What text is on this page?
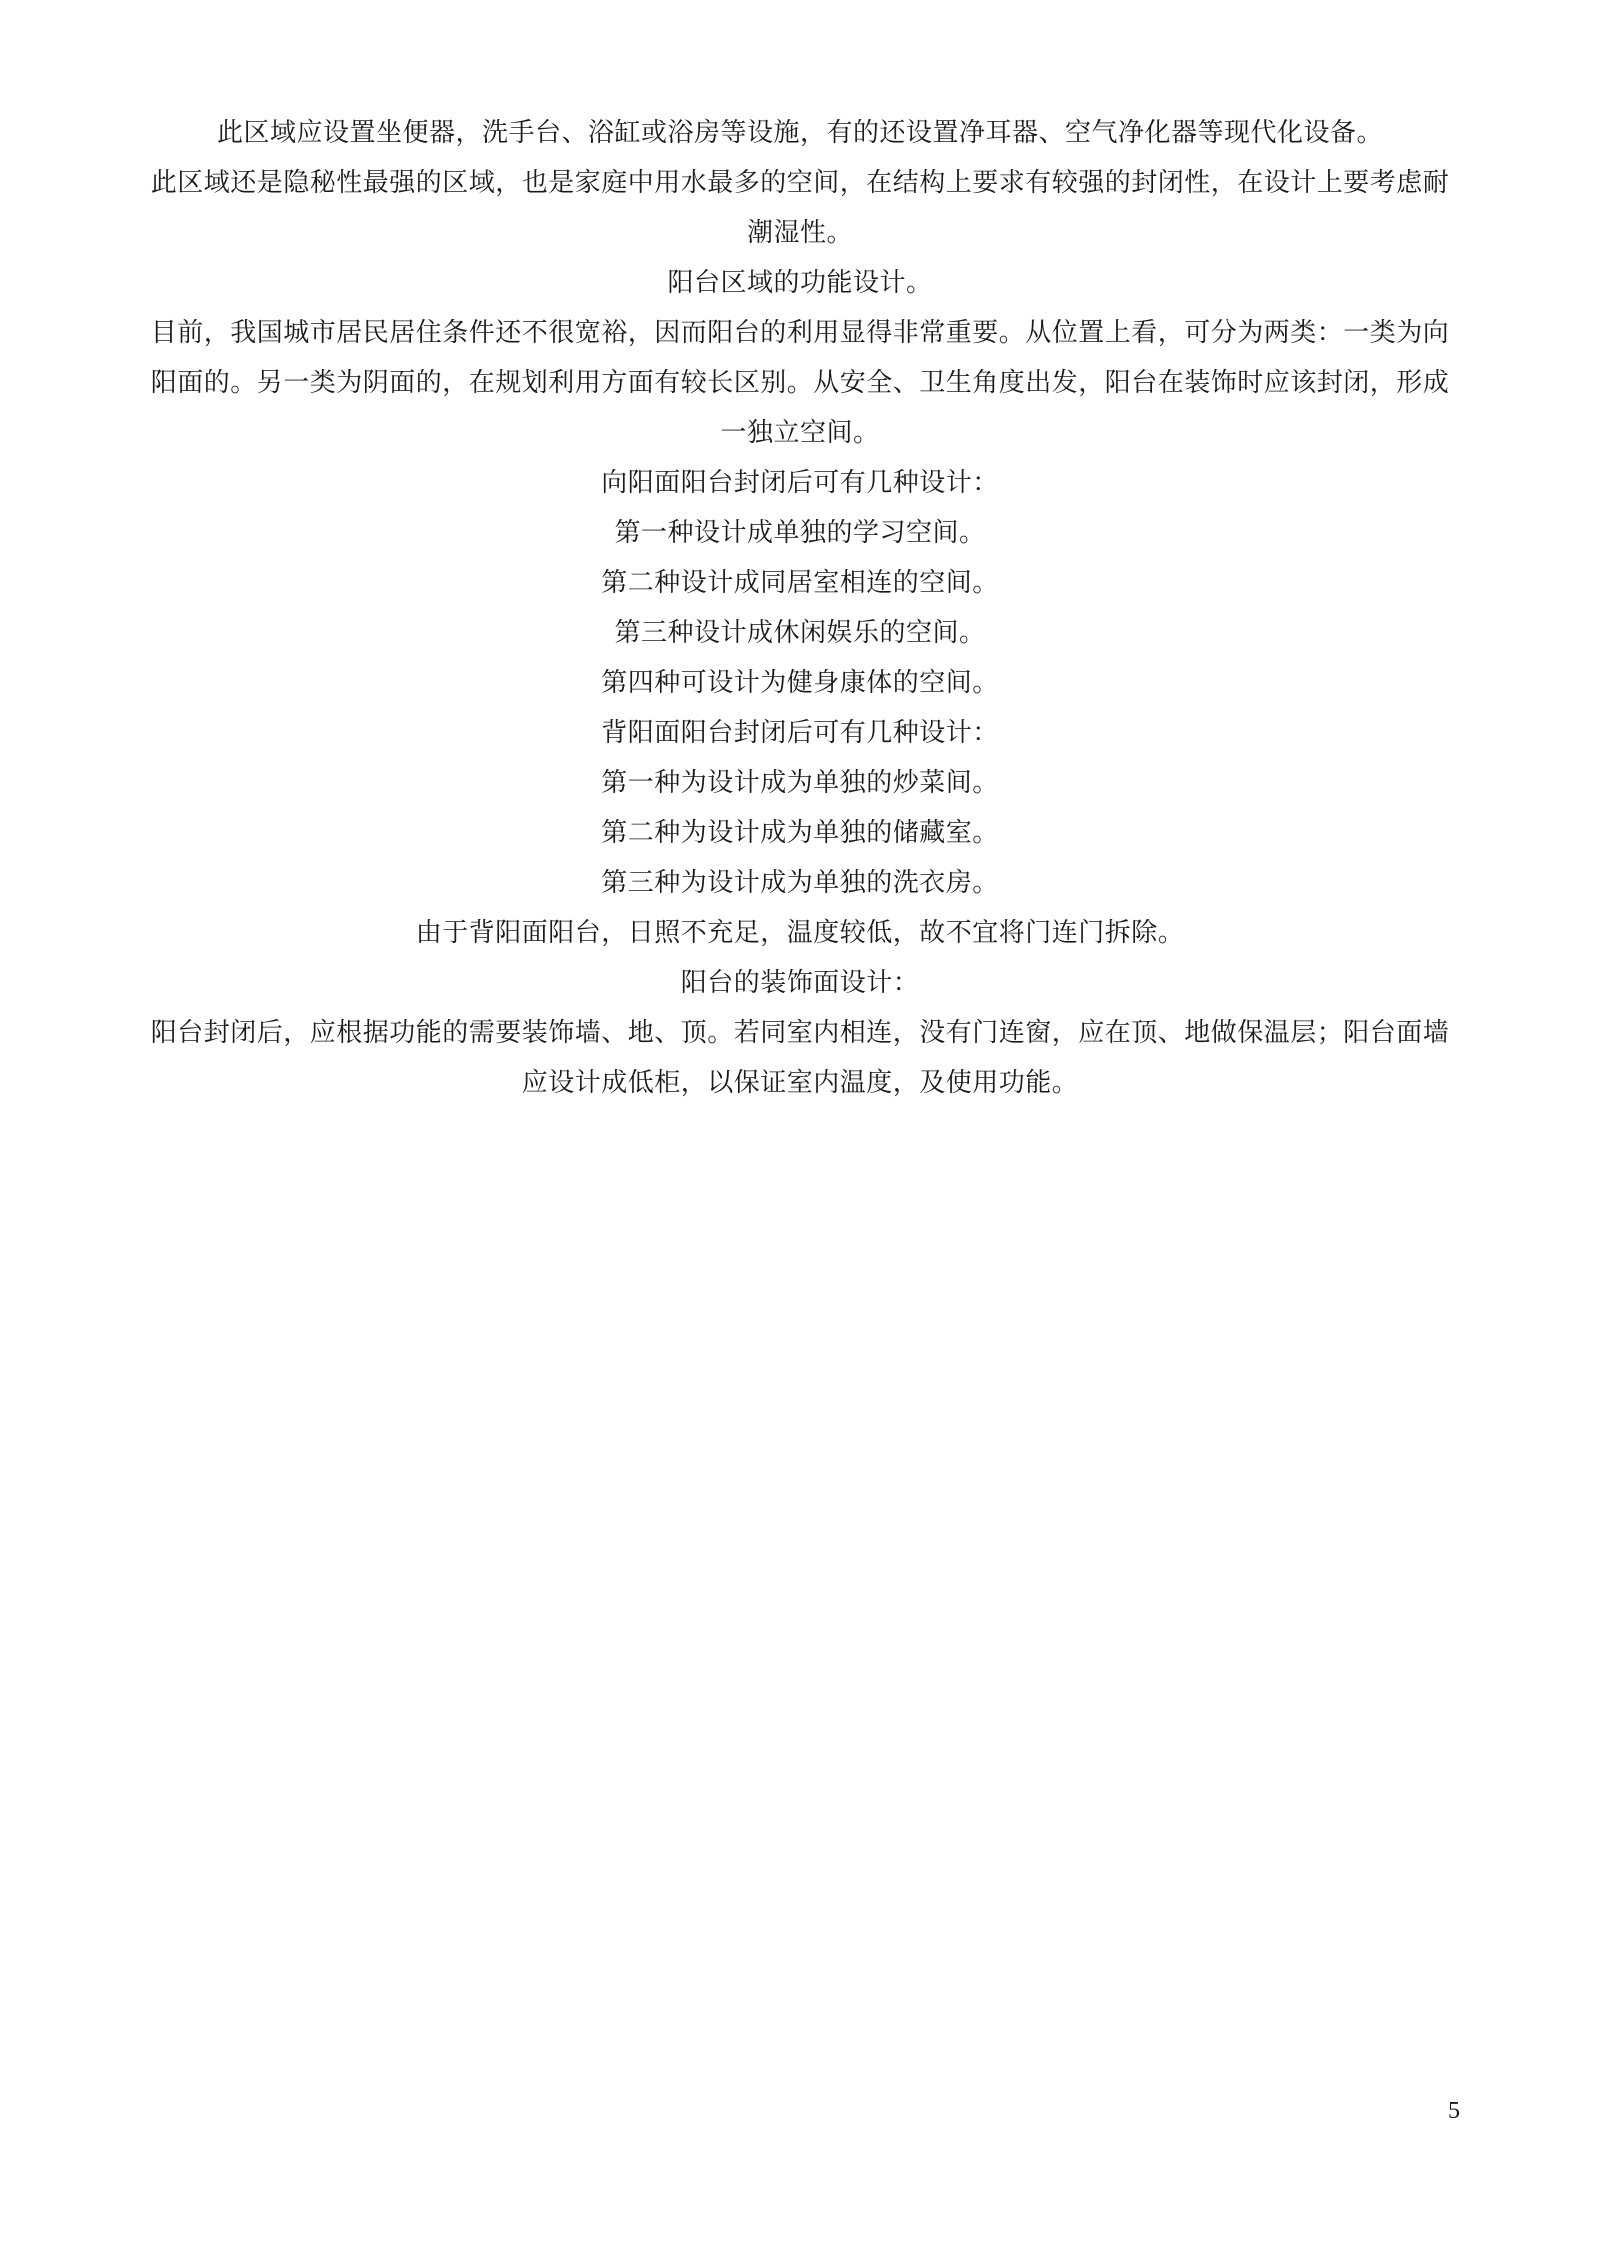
此区域应设置坐便器，洗手台、浴缸或浴房等设施，有的还设置净耳器、空气净化器等现代化设备。

此区域还是隐秘性最强的区域，也是家庭中用水最多的空间，在结构上要求有较强的封闭性，在设计上要考虑耐潮湿性。

阳台区域的功能设计。

目前，我国城市居民居住条件还不很宽裕，因而阳台的利用显得非常重要。从位置上看，可分为两类：一类为向阳面的。另一类为阴面的，在规划利用方面有较长区别。从安全、卫生角度出发，阳台在装饰时应该封闭，形成一独立空间。

向阳面阳台封闭后可有几种设计：

第一种设计成单独的学习空间。

第二种设计成同居室相连的空间。

第三种设计成休闲娱乐的空间。

第四种可设计为健身康体的空间。

背阳面阳台封闭后可有几种设计：

第一种为设计成为单独的炒菜间。

第二种为设计成为单独的储藏室。

第三种为设计成为单独的洗衣房。

由于背阳面阳台，日照不充足，温度较低，故不宜将门连门拆除。

阳台的装饰面设计：

阳台封闭后，应根据功能的需要装饰墙、地、顶。若同室内相连，没有门连窗，应在顶、地做保温层；阳台面墙应设计成低柜，以保证室内温度，及使用功能。

5
